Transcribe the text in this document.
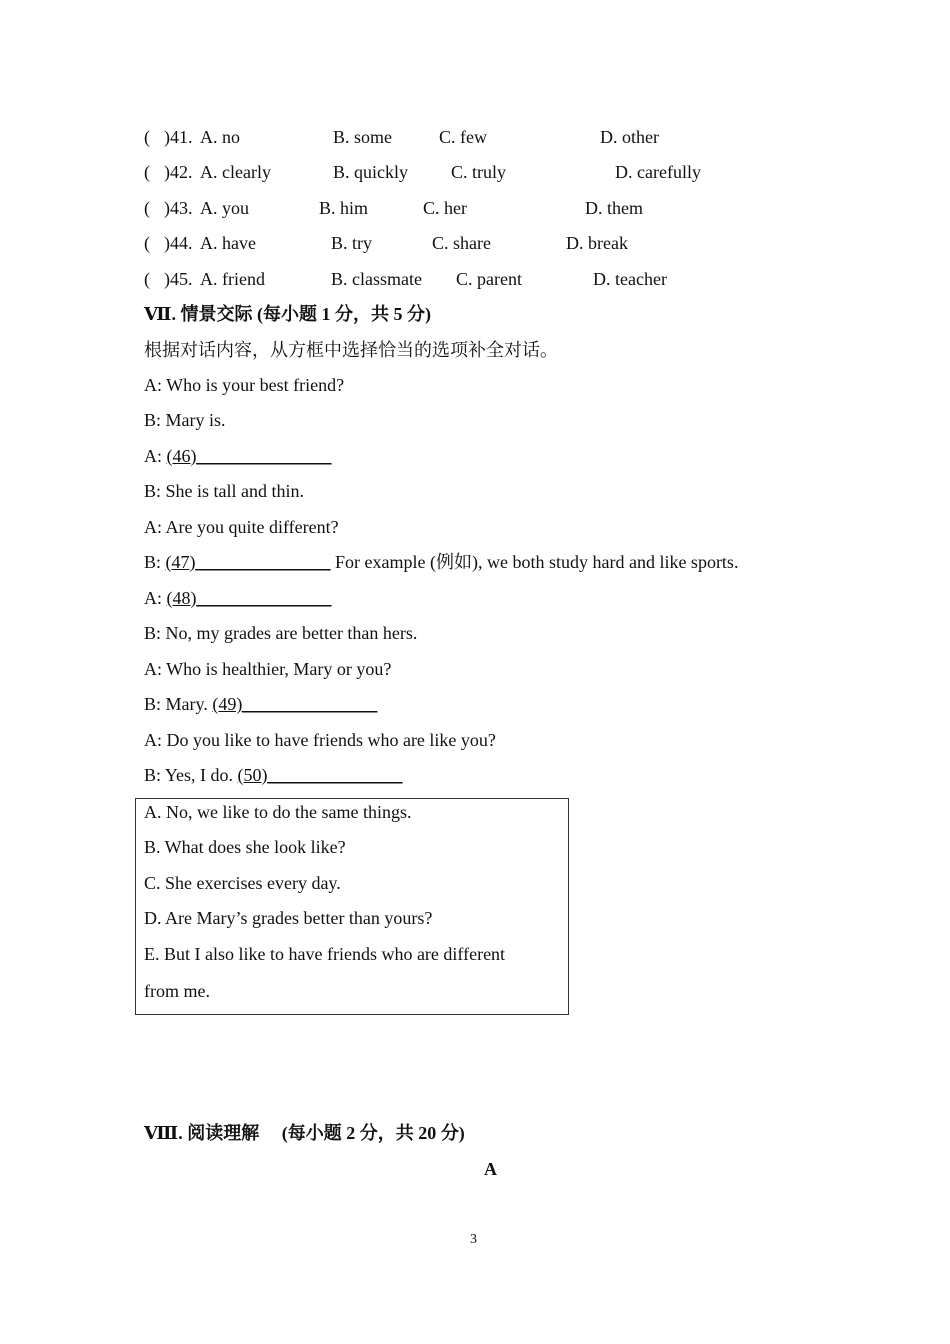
( )41. A. no	B. some	C. few	D. other
( )42. A. clearly	B. quickly C. truly	D. carefully
( )43. A. you	B. him	C. her	D. them
( )44. A. have	B. try	C. share	D. break
( )45. A. friend	B. classmate C. parent	D. teacher
Ⅶ. 情景交际 (每小题 1 分，共 5 分)
根据对话内容，从方框中选择恰当的选项补全对话。
A: Who is your best friend?
B: Mary is.
A: (46)_______________
B: She is tall and thin.
A: Are you quite different?
B: (47)_______________ For example (例如), we both study hard and like sports.
A: (48)_______________
B: No, my grades are better than hers.
A: Who is healthier, Mary or you?
B: Mary. (49)_______________
A: Do you like to have friends who are like you?
B: Yes, I do. (50)_______________
A. No, we like to do the same things.
B. What does she look like?
C. She exercises every day.
D. Are Mary’s grades better than yours?
E. But I also like to have friends who are different
from me.
Ⅷ. 阅读理解　 (每小题 2 分，共 20 分)
A
3
